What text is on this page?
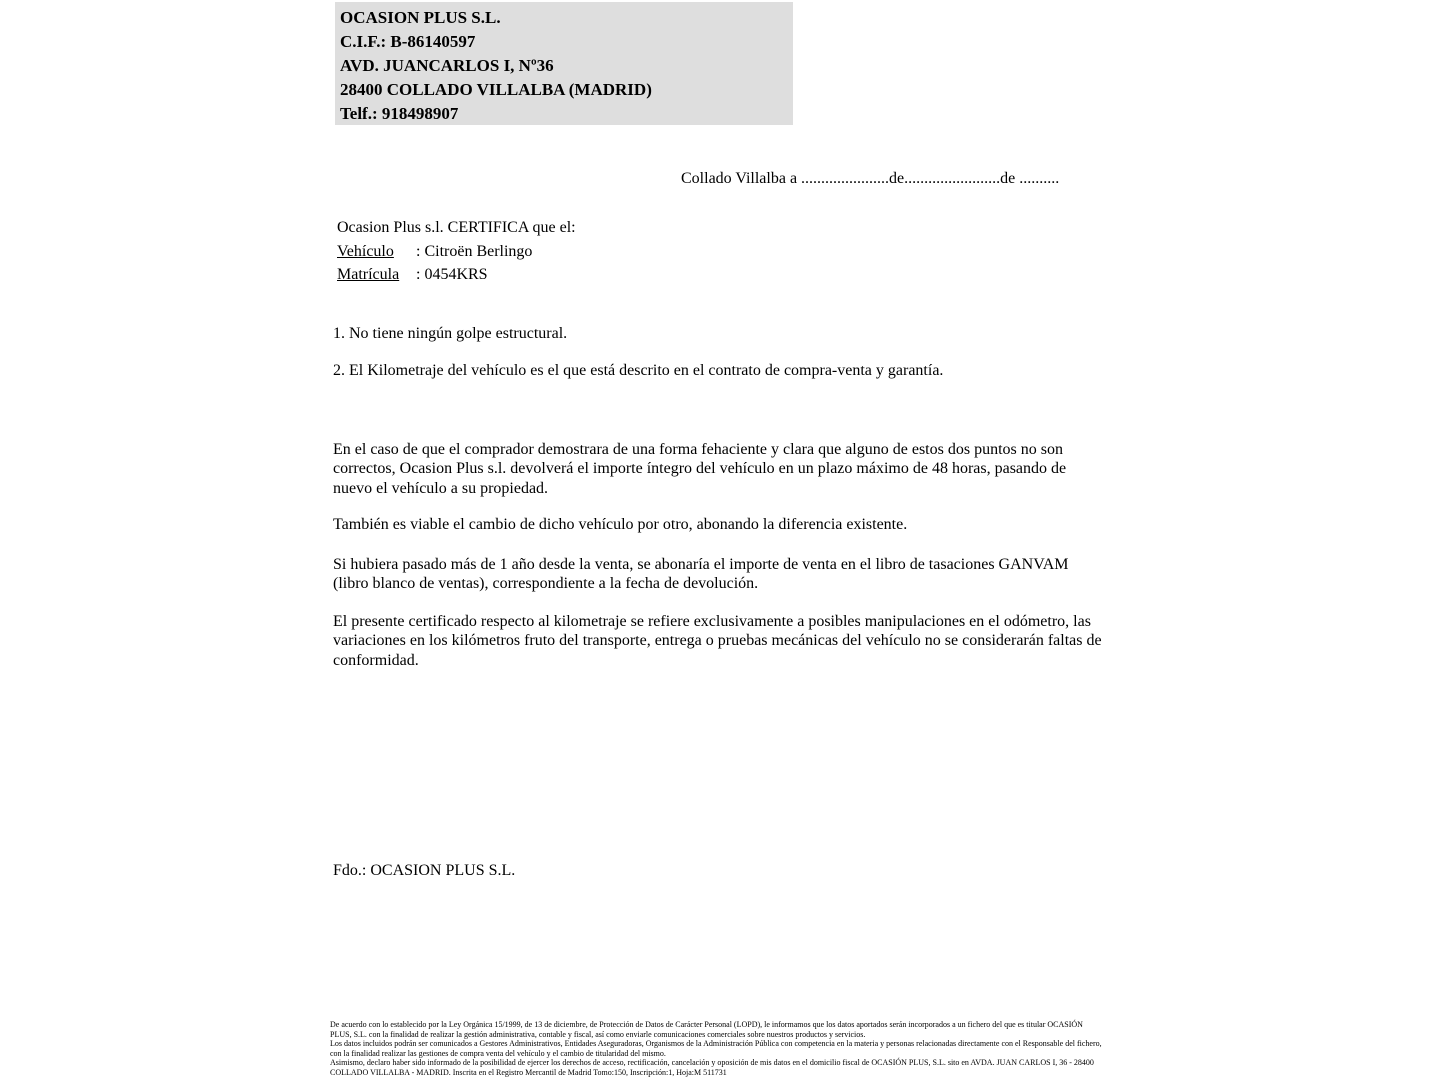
OCASION PLUS S.L.
C.I.F.: B-86140597
AVD. JUANCARLOS I, Nº36
28400 COLLADO VILLALBA (MADRID)
Telf.: 918498907
Collado Villalba a ......................de........................de ..........
Ocasion Plus s.l. CERTIFICA que el:
Vehículo : Citroën Berlingo
Matrícula : 0454KRS
1. No tiene ningún golpe estructural.
2. El Kilometraje del vehículo es el que está descrito en el contrato de compra-venta y garantía.
En el caso de que el comprador demostrara de una forma fehaciente y clara que alguno de estos dos puntos no son correctos, Ocasion Plus s.l. devolverá el importe íntegro del vehículo en un plazo máximo de 48 horas, pasando de nuevo el vehículo a su propiedad.
También es viable el cambio de dicho vehículo por otro, abonando la diferencia existente.
Si hubiera pasado más de 1 año desde la venta, se abonaría el importe de venta en el libro de tasaciones GANVAM (libro blanco de ventas), correspondiente a la fecha de devolución.
El presente certificado respecto al kilometraje se refiere exclusivamente a posibles manipulaciones en el odómetro, las variaciones en los kilómetros fruto del transporte, entrega o pruebas mecánicas del vehículo no se considerarán faltas de conformidad.
Fdo.: OCASION PLUS S.L.
De acuerdo con lo establecido por la Ley Orgánica 15/1999, de 13 de diciembre, de Protección de Datos de Carácter Personal (LOPD), le informamos que los datos aportados serán incorporados a un fichero del que es titular OCASIÓN PLUS, S.L. con la finalidad de realizar la gestión administrativa, contable y fiscal, así como enviarle comunicaciones comerciales sobre nuestros productos y servicios.
Los datos incluidos podrán ser comunicados a Gestores Administrativos, Entidades Aseguradoras, Organismos de la Administración Pública con competencia en la materia y personas relacionadas directamente con el Responsable del fichero, con la finalidad realizar las gestiones de compra venta del vehículo y el cambio de titularidad del mismo.
Asimismo, declaro haber sido informado de la posibilidad de ejercer los derechos de acceso, rectificación, cancelación y oposición de mis datos en el domicilio fiscal de OCASIÓN PLUS, S.L. sito en AVDA. JUAN CARLOS I, 36 - 28400 COLLADO VILLALBA - MADRID. Inscrita en el Registro Mercantil de Madrid Tomo:150, Inscripción:1, Hoja:M 511731
